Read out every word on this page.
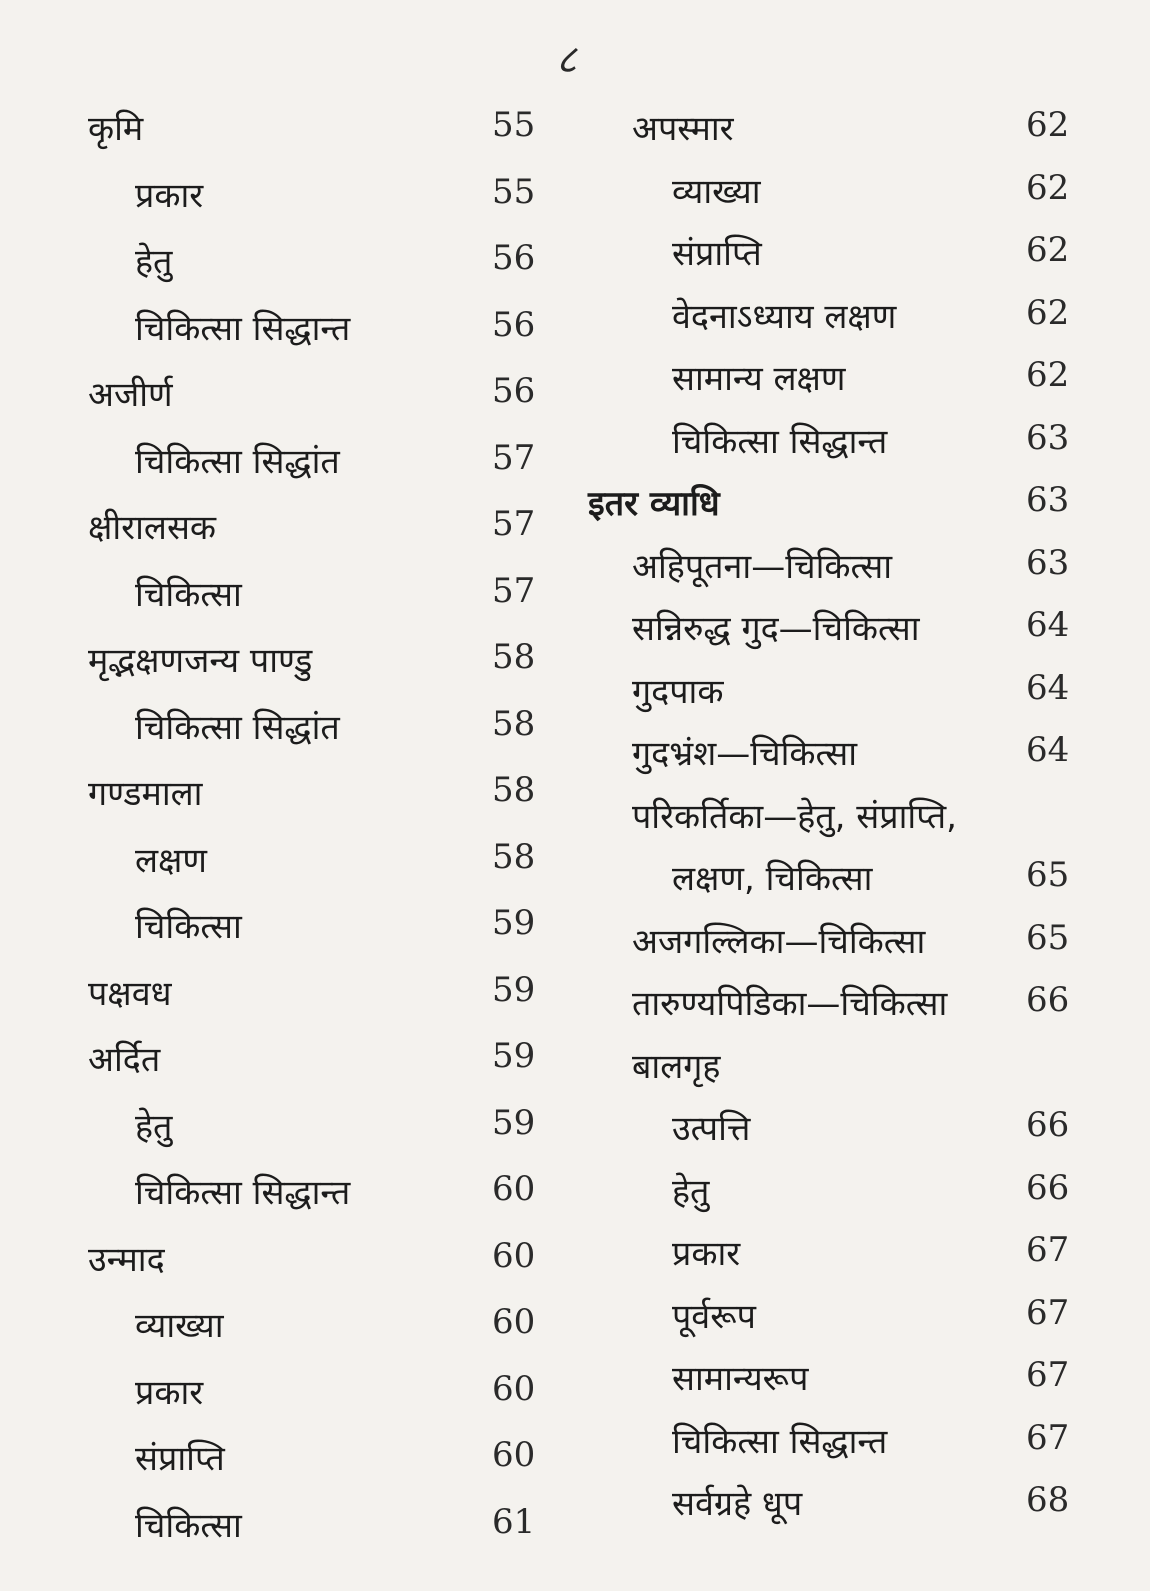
८
कृमि	55
प्रकार	55
हेतु	56
चिकित्सा सिद्धान्त	56
अजीर्ण	56
चिकित्सा सिद्धांत	57
क्षीरालसक	57
चिकित्सा	57
मृद्भक्षणजन्य पाण्डु	58
चिकित्सा सिद्धांत	58
गण्डमाला	58
लक्षण	58
चिकित्सा	59
पक्षवध	59
अर्दित	59
हेतु	59
चिकित्सा सिद्धान्त	60
उन्माद	60
व्याख्या	60
प्रकार	60
संप्राप्ति	60
चिकित्सा	61
अपस्मार	62
व्याख्या	62
संप्राप्ति	62
वेदनाऽध्याय लक्षण	62
सामान्य लक्षण	62
चिकित्सा सिद्धान्त	63
इतर व्याधि	63
अहिपूतना—चिकित्सा	63
सन्निरुद्ध गुद—चिकित्सा	64
गुदपाक	64
गुदभ्रंश—चिकित्सा	64
परिकर्तिका—हेतु, संप्राप्ति,
लक्षण, चिकित्सा	65
अजगल्लिका—चिकित्सा	65
तारुण्यपिडिका—चिकित्सा 66
बालगृह
उत्पत्ति	66
हेतु	66
प्रकार	67
पूर्वरूप	67
सामान्यरूप	67
चिकित्सा सिद्धान्त	67
सर्वग्रहे धूप	68
